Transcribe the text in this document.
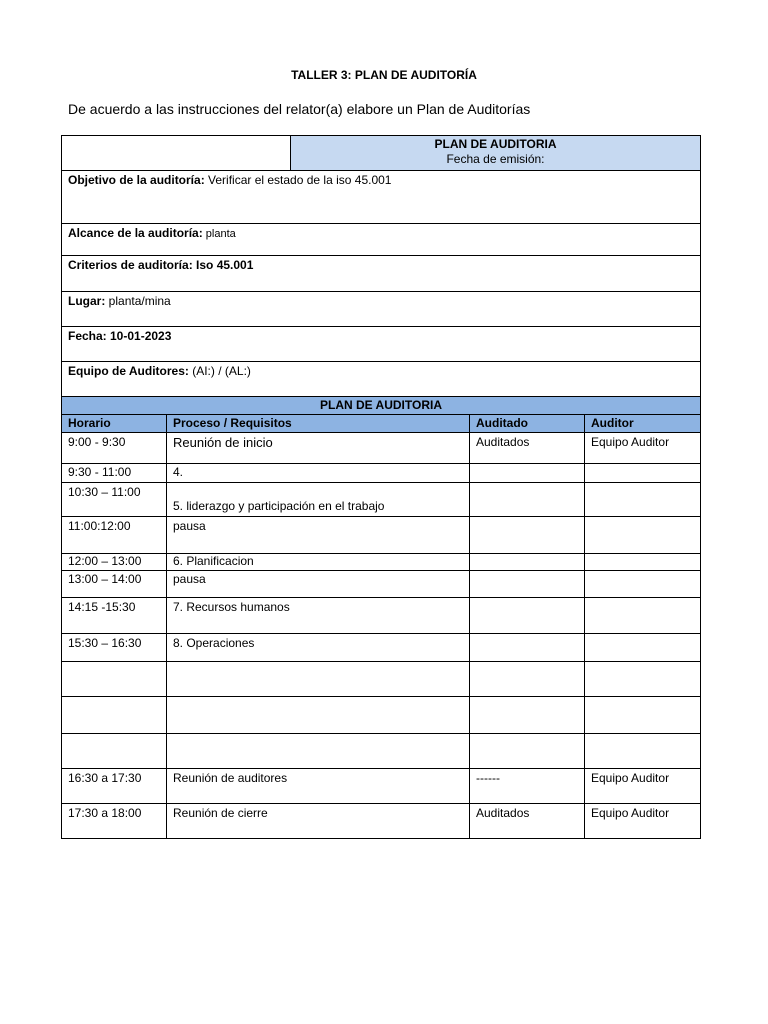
TALLER 3: PLAN DE AUDITORÍA
De acuerdo a las instrucciones del relator(a) elabore un Plan de Auditorías

		PLAN DE AUDITORIA
Fecha de emisión:		

Objetivo de la auditoría: Verificar el estado de la iso 45.001				
Alcance de la auditoría: planta				
Criterios de auditoría: Iso 45.001				
Lugar: planta/mina				
Fecha: 10-01-2023				
Equipo de Auditores: (AI:) / (AL:)				
PLAN DE AUDITORIA				
Horario	Proceso / Requisitos		Auditado	Auditor
9:00 - 9:30	Reunión de inicio		Auditados	Equipo Auditor
9:30 - 11:00	4.			
10:30 – 11:00	5. liderazgo y participación en el trabajo			
11:00:12:00	pausa			
12:00 – 13:00	6. Planificacion			
13:00 – 14:00	pausa			
14:15 -15:30	7. Recursos humanos			
15:30 – 16:30	8. Operaciones			

16:30 a 17:30	Reunión de auditores		------	Equipo Auditor
17:30 a 18:00	Reunión de cierre		Auditados	Equipo Auditor
